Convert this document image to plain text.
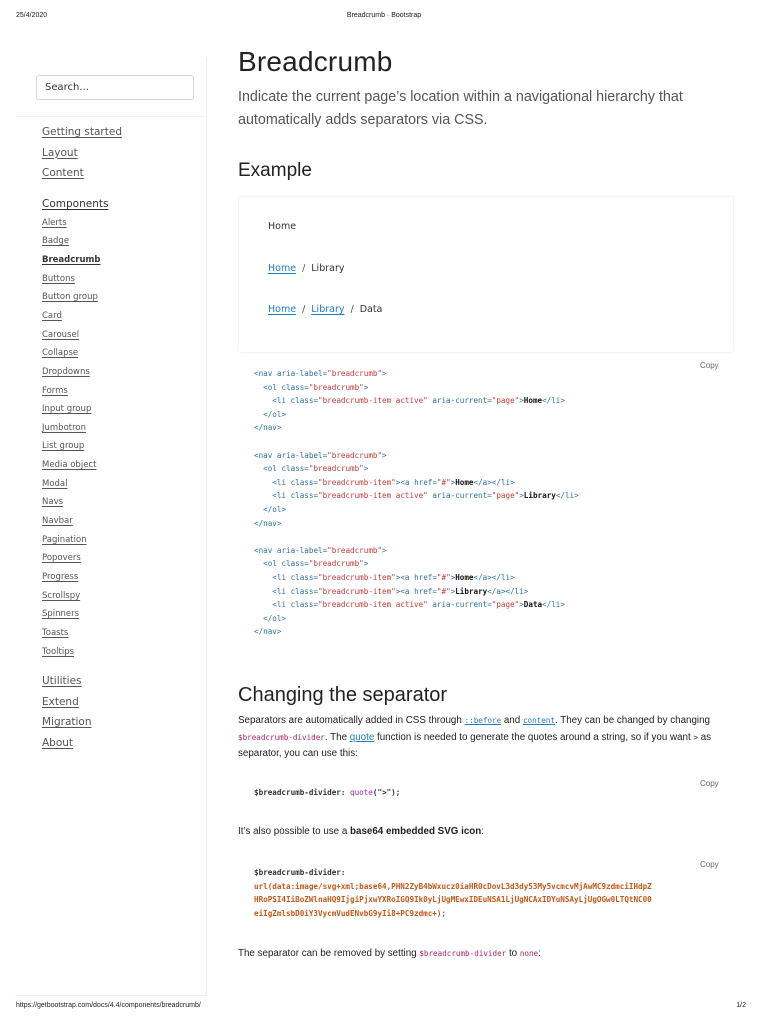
25/4/2020	Breadcrumb · Bootstrap
Search...
Getting started
Layout
Content
Components
Alerts
Badge
Breadcrumb
Buttons
Button group
Card
Carousel
Collapse
Dropdowns
Forms
Input group
Jumbotron
List group
Media object
Modal
Navs
Navbar
Pagination
Popovers
Progress
Scrollspy
Spinners
Toasts
Tooltips
Utilities
Extend
Migration
About
Breadcrumb

Indicate the current page’s location within a navigational hierarchy that automatically adds separators via CSS.

Example
Home
Home / Library
Home / Library / Data
Copy
<nav aria-label="breadcrumb">
<ol class="breadcrumb">
<li class="breadcrumb-item active" aria-current="page">Home</li>
</ol>
</nav>

<nav aria-label="breadcrumb">
<ol class="breadcrumb">
<li class="breadcrumb-item"><a href="#">Home</a></li>
<li class="breadcrumb-item active" aria-current="page">Library</li>
</ol>
</nav>

<nav aria-label="breadcrumb">
<ol class="breadcrumb">
<li class="breadcrumb-item"><a href="#">Home</a></li>
<li class="breadcrumb-item"><a href="#">Library</a></li>
<li class="breadcrumb-item active" aria-current="page">Data</li>
</ol>
</nav>
Changing the separator

Separators are automatically added in CSS through ::before and content. They can be changed by changing $breadcrumb-divider. The quote function is needed to generate the quotes around a string, so if you want > as separator, you can use this:

Copy
$breadcrumb-divider: quote(">");

It’s also possible to use a base64 embedded SVG icon:

Copy
$breadcrumb-divider:
url(data:image/svg+xml;base64,PHN2ZyB4bWxucz0iaHR0cDovL3d3dy53My5vcmcvMjAwMC9zdmciIHdpZ
HRoPSI4IiBoZWlnaHQ9IjgiPjxwYXRoIGQ9Ik0yLjUgMEwxIDEuNSA1LjUgNCAxIDYuNSAyLjUgOGw0LTQtNC00
eiIgZmlsbD0iY3VycmVudENvbG9yIi8+PC9zdmc+);

The separator can be removed by setting $breadcrumb-divider to none:

https://getbootstrap.com/docs/4.4/components/breadcrumb/	1/2
